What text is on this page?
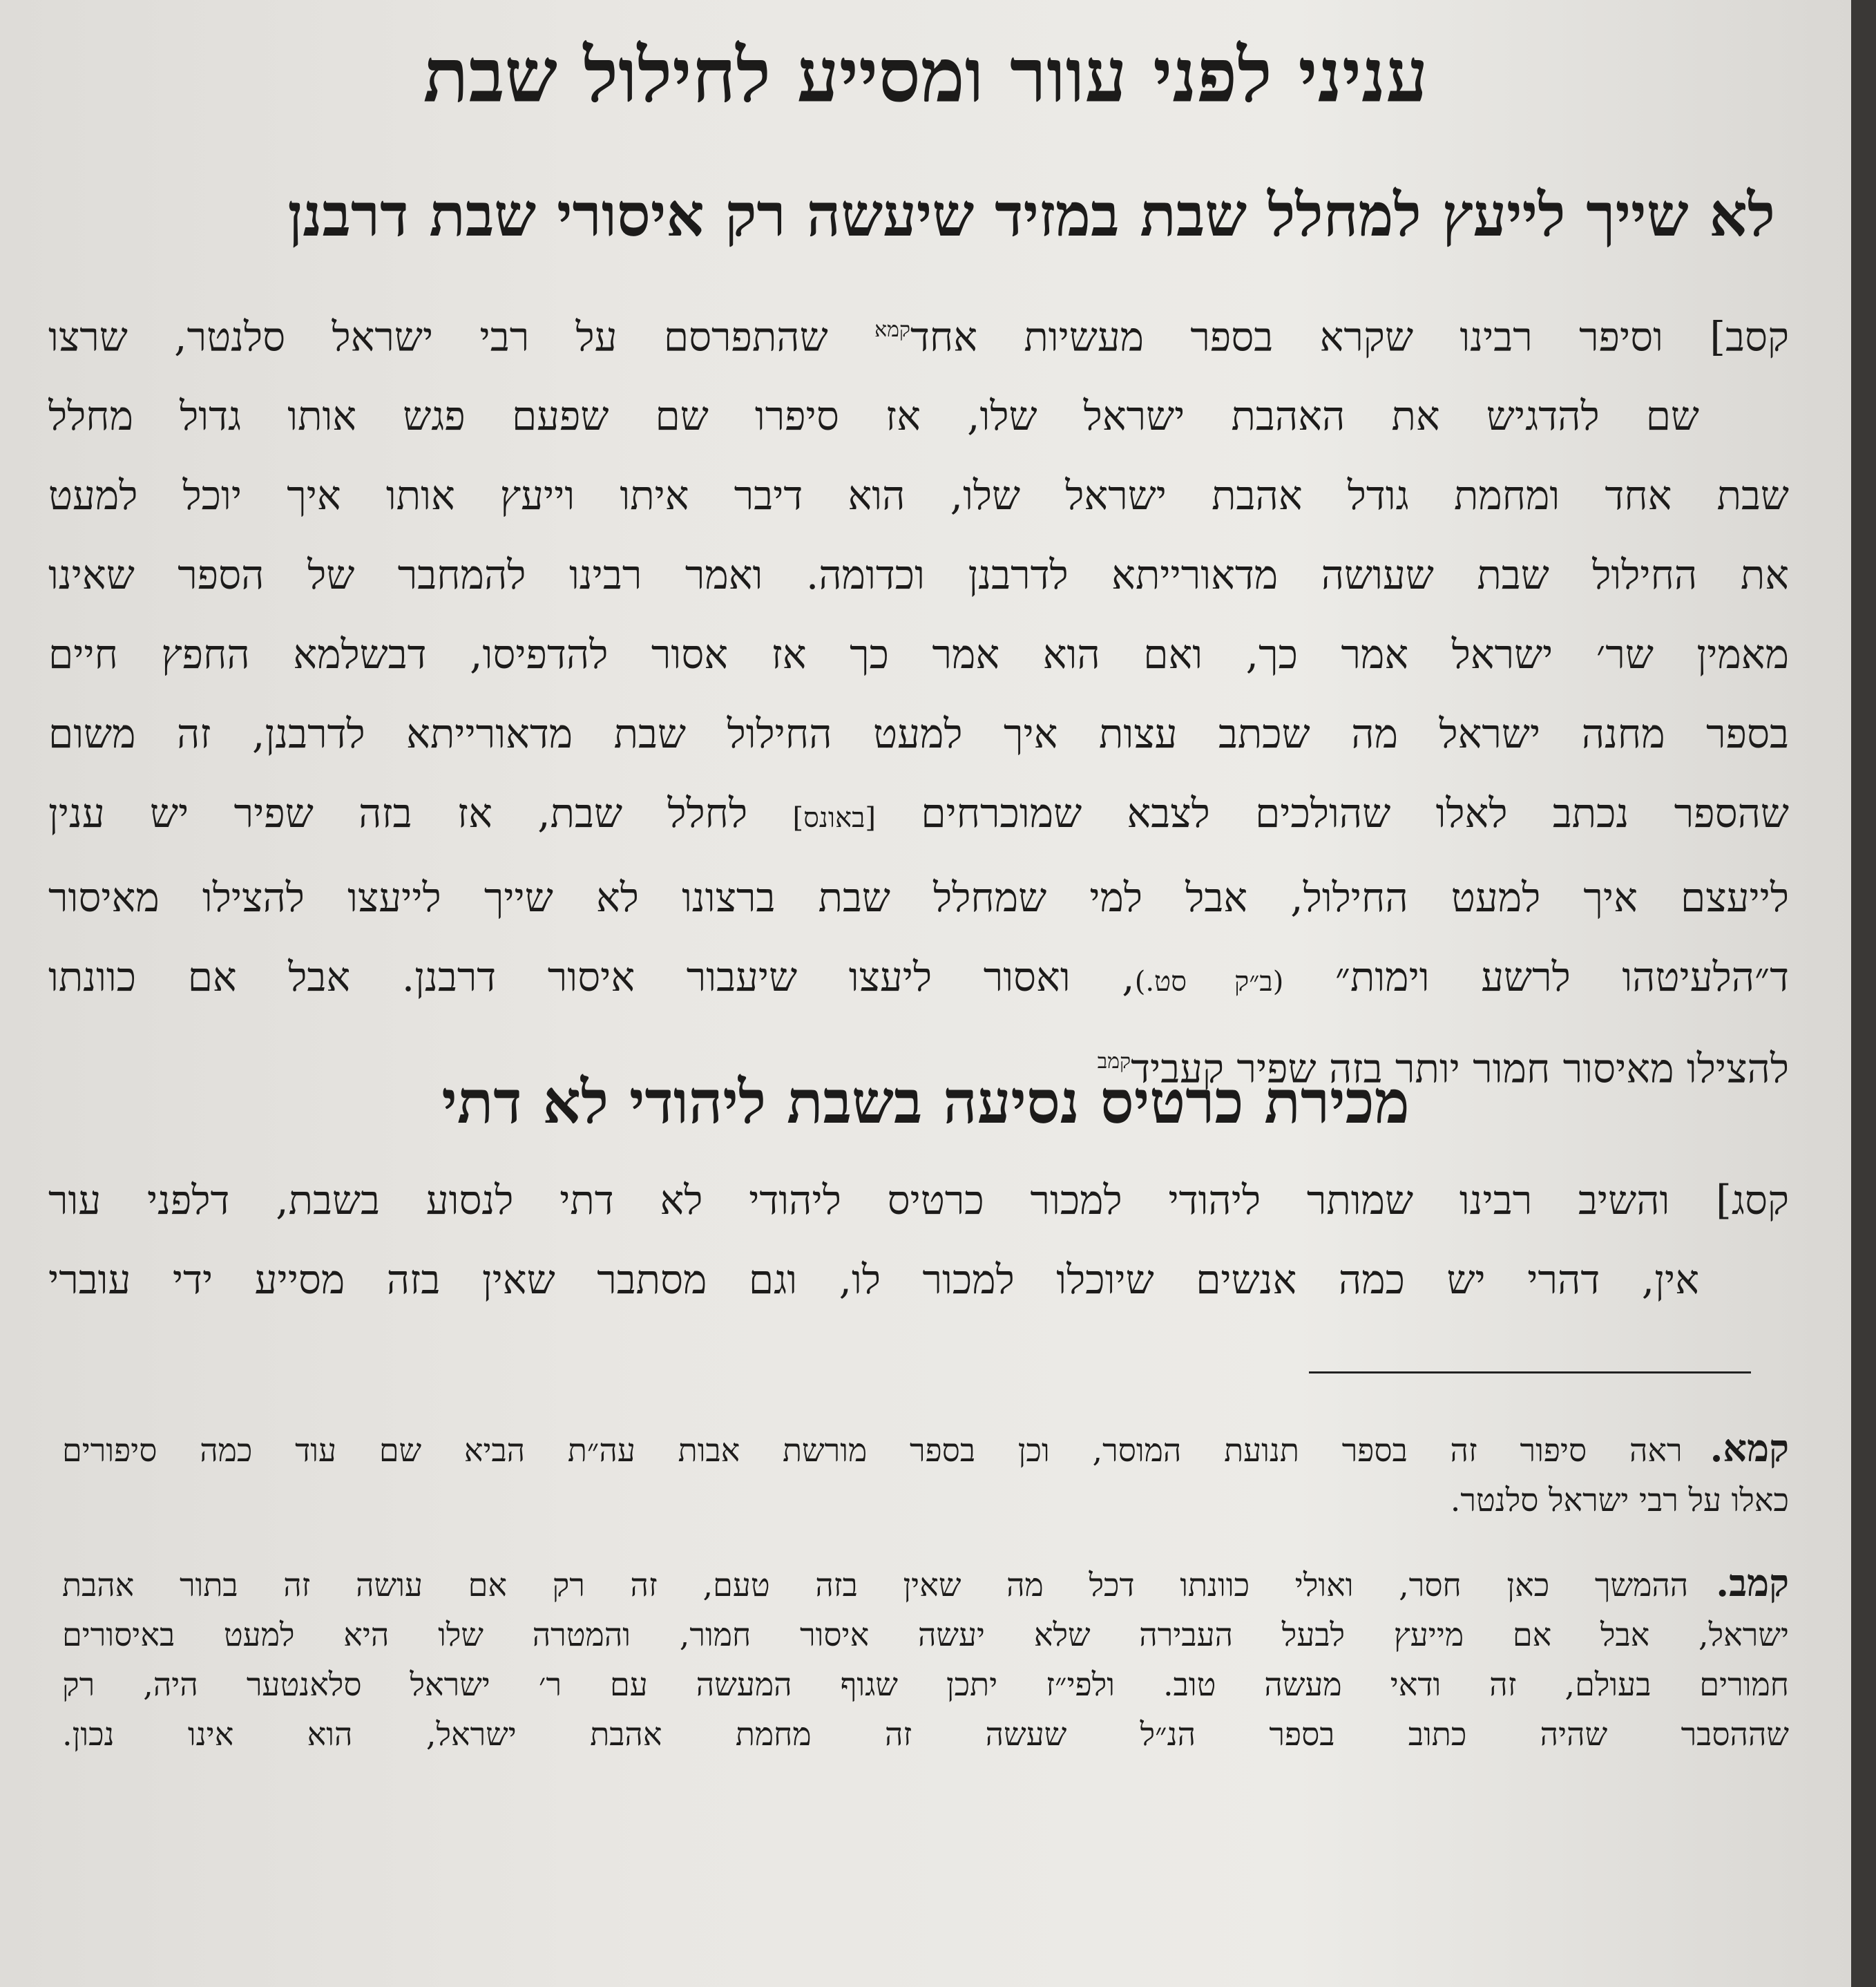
עניני לפני עוור ומסייע לחילול שבת
לא שייך לייעץ למחלל שבת במזיד שיעשה רק איסורי שבת דרבנן
קסב] וסיפר רבינו שקרא בספר מעשיות אחד$^{קמא}$ שהתפרסם על רבי ישראל סלנטר, שרצו
שם להדגיש את האהבת ישראל שלו, אז סיפרו שם שפעם פגש אותו גדול מחלל
שבת אחד ומחמת גודל אהבת ישראל שלו, הוא דיבר איתו וייעץ אותו איך יוכל למעט
את החילול שבת שעושה מדאורייתא לדרבנן וכדומה. ואמר רבינו להמחבר של הספר שאינו
מאמין שר׳ ישראל אמר כך, ואם הוא אמר כך אז אסור להדפיסו, דבשלמא החפץ חיים
בספר מחנה ישראל מה שכתב עצות איך למעט החילול שבת מדאורייתא לדרבנן, זה משום
שהספר נכתב לאלו שהולכים לצבא שמוכרחים [באונס] לחלל שבת, אז בזה שפיר יש ענין
לייעצם איך למעט החילול, אבל למי שמחלל שבת ברצונו לא שייך לייעצו להצילו מאיסור
ד״הלעיטהו לרשע וימות״ (ב״ק סט.), ואסור ליעצו שיעבור איסור דרבנן. אבל אם כוונתו
להצילו מאיסור חמור יותר בזה שפיר קעביד$^{קמב}$
מכירת כרטיס נסיעה בשבת ליהודי לא דתי
קסג] והשיב רבינו שמותר ליהודי למכור כרטיס ליהודי לא דתי לנסוע בשבת, דלפני עור
אין, דהרי יש כמה אנשים שיוכלו למכור לו, וגם מסתבר שאין בזה מסייע ידי עוברי
קמא.ראה סיפור זה בספר תנועת המוסר, וכן בספר מורשת אבות עה״ת הביא שם עוד כמה סיפורים
כאלו על רבי ישראל סלנטר.
קמב.ההמשך כאן חסר, ואולי כוונתו דכל מה שאין בזה טעם, זה רק אם עושה זה בתור אהבת
ישראל, אבל אם מייעץ לבעל העבירה שלא יעשה איסור חמור, והמטרה שלו היא למעט באיסורים
חמורים בעולם, זה ודאי מעשה טוב. ולפי״ז יתכן שגוף המעשה עם ר׳ ישראל סלאנטער היה, רק
שההסבר שהיה כתוב בספר הנ״ל שעשה זה מחמת אהבת ישראל, הוא אינו נכון.
